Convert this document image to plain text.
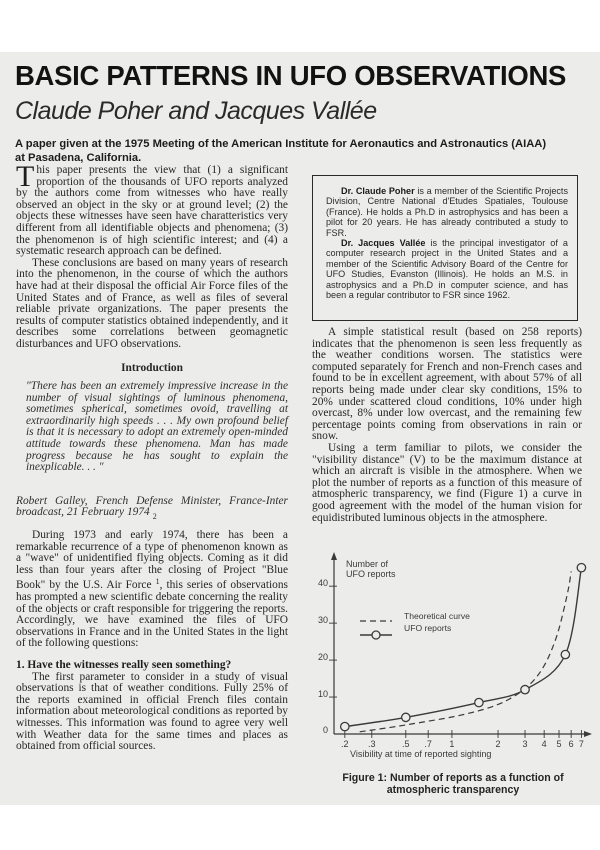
BASIC PATTERNS IN UFO OBSERVATIONS
Claude Poher and Jacques Vallée

A paper given at the 1975 Meeting of the American Institute for Aeronautics and Astronautics (AIAA) at Pasadena, California.

This paper presents the view that (1) a significant proportion of the thousands of UFO reports analyzed by the authors come from witnesses who have really observed an object in the sky or at ground level; (2) the objects these witnesses have seen have charatteristics very different from all identifiable objects and phenomena; (3) the phenomenon is of high scientific interest; and (4) a systematic research approach can be defined.

These conclusions are based on many years of research into the phenomenon, in the course of which the authors have had at their disposal the official Air Force files of the United States and of France, as well as files of several reliable private organizations. The paper presents the results of computer statistics obtained independently, and it describes some correlations between geomagnetic disturbances and UFO observations.

Introduction

"There has been an extremely impressive increase in the number of visual sightings of luminous phenomena, sometimes spherical, sometimes ovoid, travelling at extraordinarily high speeds . . . My own profound belief is that it is necessary to adopt an extremely open-minded attitude towards these phenomena. Man has made progress because he has sought to explain the inexplicable. . . "

Robert Galley, French Defense Minister, France-Inter broadcast, 21 February 1974 $_2$

During 1973 and early 1974, there has been a remarkable recurrence of a type of phenomenon known as a "wave" of unidentified flying objects. Coming as it did less than four years after the closing of Project "Blue Book" by the U.S. Air Force $^1$, this series of observations has prompted a new scientific debate concerning the reality of the objects or craft responsible for triggering the reports. Accordingly, we have examined the files of UFO observations in France and in the United States in the light of the following questions:

1. Have the witnesses really seen something?

The first parameter to consider in a study of visual observations is that of weather conditions. Fully 25% of the reports examined in official French files contain information about meteorological conditions as reported by witnesses. This information was found to agree very well with Weather data for the same times and places as obtained from official sources.

Dr. Claude Poher is a member of the Scientific Projects Division, Centre National d'Etudes Spatiales, Toulouse (France). He holds a Ph.D in astrophysics and has been a pilot for 20 years. He has already contributed a study to FSR.

Dr. Jacques Vallée is the principal investigator of a computer research project in the United States and a member of the Scientific Advisory Board of the Centre for UFO Studies, Evanston (Illinois). He holds an M.S. in astrophysics and a Ph.D in computer science, and has been a regular contributor to FSR since 1962.

A simple statistical result (based on 258 reports) indicates that the phenomenon is seen less frequently as the weather conditions worsen. The statistics were computed separately for French and non-French cases and found to be in excellent agreement, with about 57% of all reports being made under clear sky conditions, 15% to 20% under scattered cloud conditions, 10% under high overcast, 8% under low overcast, and the remaining few percentage points coming from observations in rain or snow.

Using a term familiar to pilots, we consider the "visibility distance" (V) to be the maximum distance at which an aircraft is visible in the atmosphere. When we plot the number of reports as a function of this measure of atmospheric transparency, we find (Figure 1) a curve in good agreement with the model of the human vision for equidistributed luminous objects in the atmosphere.

.2 .3	.5 .7 1	2 3 4 5 6 7
0
10
20
30
40
Theoretical curve
UFO reports
Number of
UFO reports
Visibility at time of reported sighting

Figure 1: Number of reports as a function of atmospheric transparency
